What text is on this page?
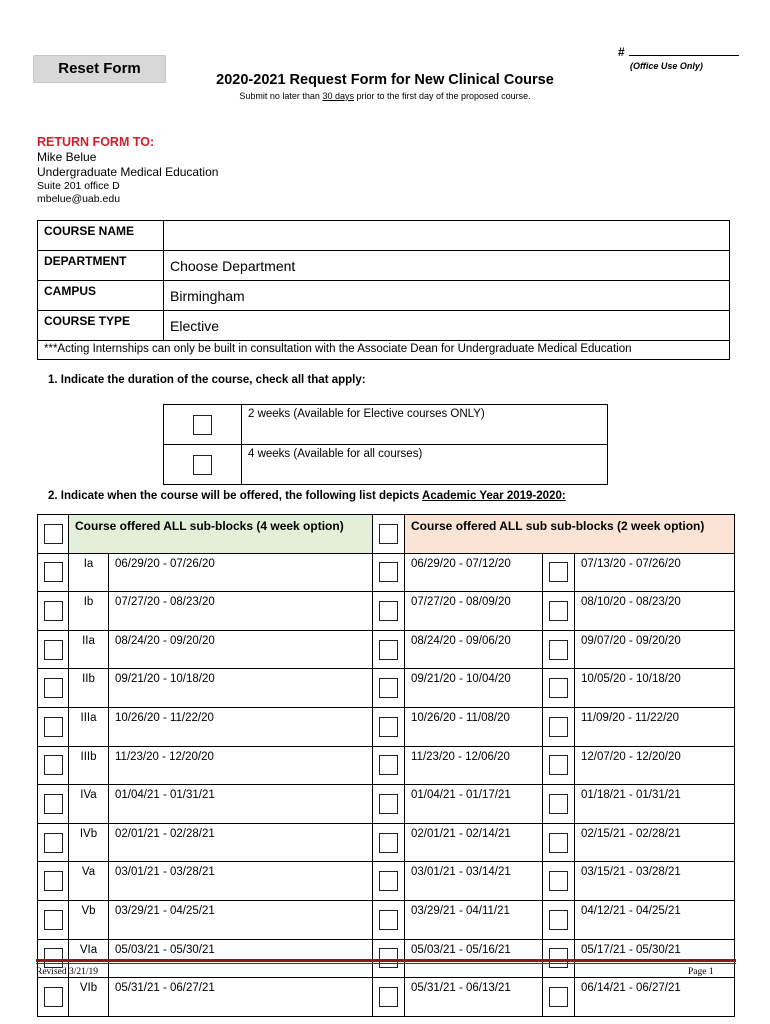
Reset Form
#
(Office Use Only)
2020-2021 Request Form for New Clinical Course
Submit no later than 30 days prior to the first day of the proposed course.
RETURN FORM TO:
Mike Belue
Undergraduate Medical Education
Suite 201 office D
mbelue@uab.edu
COURSE NAME	
DEPARTMENT	Choose Department
CAMPUS	Birmingham
COURSE TYPE	Elective
***Acting Internships can only be built in consultation with the Associate Dean for Undergraduate Medical Education	
1. Indicate the duration of the course, check all that apply:
	2 weeks (Available for Elective courses ONLY)
	4 weeks (Available for all courses)
2. Indicate when the course will be offered, the following list depicts Academic Year 2019-2020:
	Course offered ALL sub-blocks (4 week option)			Course offered ALL sub sub-blocks (2 week option)		
	Ia	06/29/20 - 07/26/20		06/29/20 - 07/12/20		07/13/20 - 07/26/20
	Ib	07/27/20 - 08/23/20		07/27/20 - 08/09/20		08/10/20 - 08/23/20
	IIa	08/24/20 - 09/20/20		08/24/20 - 09/06/20		09/07/20 - 09/20/20
	IIb	09/21/20 - 10/18/20		09/21/20 - 10/04/20		10/05/20 - 10/18/20
	IIIa	10/26/20 - 11/22/20		10/26/20 - 11/08/20		11/09/20 - 11/22/20
	IIIb	11/23/20 - 12/20/20		11/23/20 - 12/06/20		12/07/20 - 12/20/20
	IVa	01/04/21 - 01/31/21		01/04/21 - 01/17/21		01/18/21 - 01/31/21
	IVb	02/01/21 - 02/28/21		02/01/21 - 02/14/21		02/15/21 - 02/28/21
	Va	03/01/21 - 03/28/21		03/01/21 - 03/14/21		03/15/21 - 03/28/21
	Vb	03/29/21 - 04/25/21		03/29/21 - 04/11/21		04/12/21 - 04/25/21
	VIa	05/03/21 - 05/30/21		05/03/21 - 05/16/21		05/17/21 - 05/30/21
	VIb	05/31/21 - 06/27/21		05/31/21 - 06/13/21		06/14/21 - 06/27/21
Revised 3/21/19	Page 1
